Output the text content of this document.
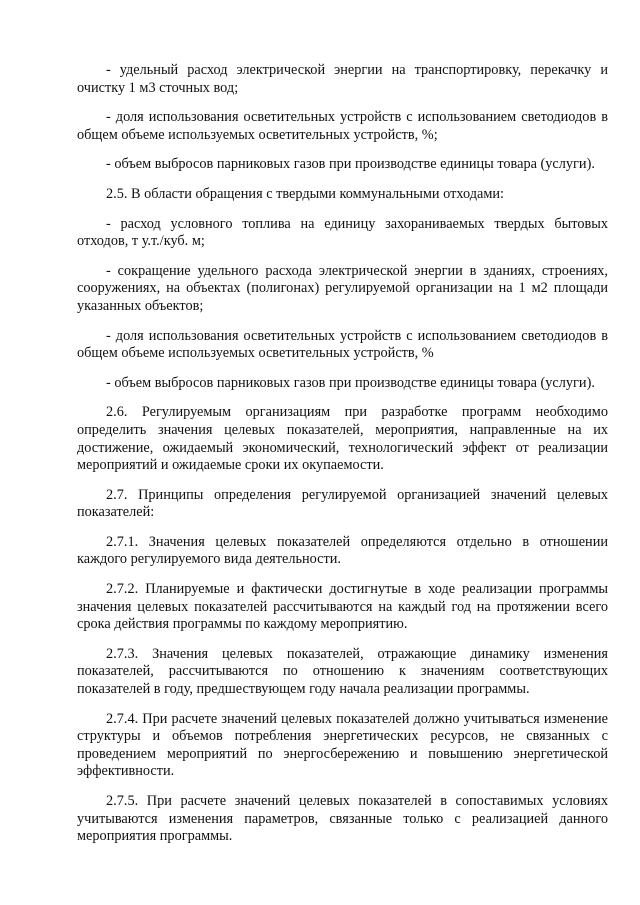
- удельный расход электрической энергии на транспортировку, перекачку и очистку 1 м3 сточных вод;

- доля использования осветительных устройств с использованием светодиодов в общем объеме используемых осветительных устройств, %;

- объем выбросов парниковых газов при производстве единицы товара (услуги).

2.5. В области обращения с твердыми коммунальными отходами:

- расход условного топлива на единицу захораниваемых твердых бытовых отходов, т у.т./куб. м;

- сокращение удельного расхода электрической энергии в зданиях, строениях, сооружениях, на объектах (полигонах) регулируемой организации на 1 м2 площади указанных объектов;

- доля использования осветительных устройств с использованием светодиодов в общем объеме используемых осветительных устройств, %

- объем выбросов парниковых газов при производстве единицы товара (услуги).

2.6. Регулируемым организациям при разработке программ необходимо определить значения целевых показателей, мероприятия, направленные на их достижение, ожидаемый экономический, технологический эффект от реализации мероприятий и ожидаемые сроки их окупаемости.

2.7. Принципы определения регулируемой организацией значений целевых показателей:

2.7.1. Значения целевых показателей определяются отдельно в отношении каждого регулируемого вида деятельности.

2.7.2. Планируемые и фактически достигнутые в ходе реализации программы значения целевых показателей рассчитываются на каждый год на протяжении всего срока действия программы по каждому мероприятию.

2.7.3. Значения целевых показателей, отражающие динамику изменения показателей, рассчитываются по отношению к значениям соответствующих показателей в году, предшествующем году начала реализации программы.

2.7.4. При расчете значений целевых показателей должно учитываться изменение структуры и объемов потребления энергетических ресурсов, не связанных с проведением мероприятий по энергосбережению и повышению энергетической эффективности.

2.7.5. При расчете значений целевых показателей в сопоставимых условиях учитываются изменения параметров, связанные только с реализацией данного мероприятия программы.
